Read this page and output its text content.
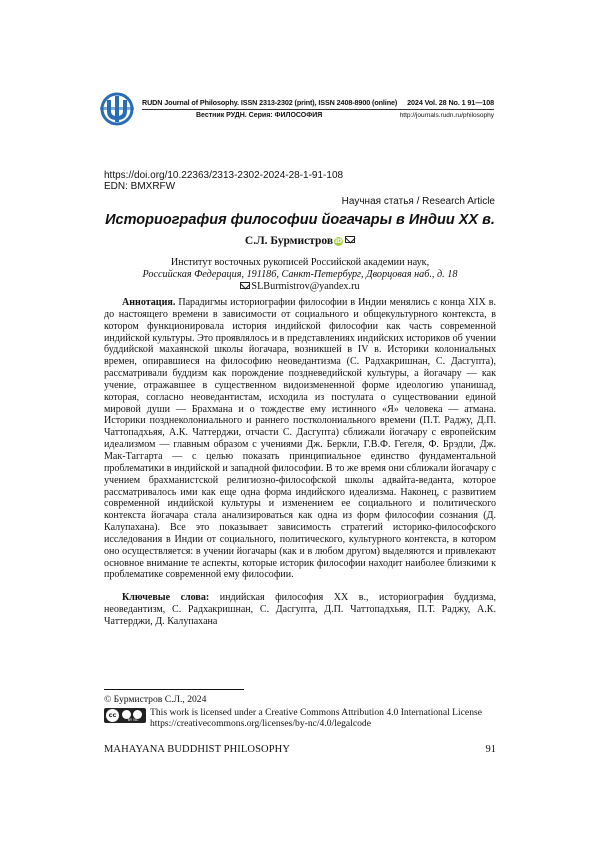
RUDN Journal of Philosophy. ISSN 2313-2302 (print), ISSN 2408-8900 (online) 2024 Vol. 28 No. 1 91—108
Вестник РУДН. Серия: ФИЛОСОФИЯ	http://journals.rudn.ru/philosophy
https://doi.org/10.22363/2313-2302-2024-28-1-91-108
EDN: BMXRFW
Научная статья / Research Article
Историография философии йогачары в Индии XX в.
С.Л. Бурмистров iD
Институт восточных рукописей Российской академии наук,
Российская Федерация, 191186, Санкт-Петербург, Дворцовая наб., д. 18
SLBurmistrov@yandex.ru

Аннотация. Парадигмы историографии философии в Индии менялись с конца XIX в. до настоящего времени в зависимости от социального и общекультурного контекста, в котором функционировала история индийской философии как часть современной индийской культуры. Это проявлялось и в представлениях индийских историков об учении буддийской махаянской школы йогачара, возникшей в IV в. Историки колониальных времен, опиравшиеся на философию неоведантизма (С. Радхакришнан, С. Дасгупта), рассматривали буддизм как порождение поздневедийской культуры, а йогачару — как учение, отражавшее в существенном видоизмененной форме идеологию упанишад, которая, согласно неоведантистам, исходила из постулата о существовании единой мировой души — Брахмана и о тождестве ему истинного «Я» человека — атмана. Историки позднеколониального и раннего постколониального времени (П.Т. Раджу, Д.П. Чаттопадхьяя, А.К. Чаттерджи, отчасти С. Дасгупта) сближали йогачару с европейским идеализмом — главным образом с учениями Дж. Беркли, Г.В.Ф. Гегеля, Ф. Брэдли, Дж. Мак-Таггарта — с целью показать принципиальное единство фундаментальной проблематики в индийской и западной философии. В то же время они сближали йогачару с учением брахманистской религиозно-философской школы адвайта-веданта, которое рассматривалось ими как еще одна форма индийского идеализма. Наконец, с развитием современной индийской культуры и изменением ее социального и политического контекста йогачара стала анализироваться как одна из форм философии сознания (Д. Калупахана). Все это показывает зависимость стратегий историко-философского исследования в Индии от социального, политического, культурного контекста, в котором оно осуществляется: в учении йогачары (как и в любом другом) выделяются и привлекают основное внимание те аспекты, которые историк философии находит наиболее близкими к проблематике современной ему философии.

Ключевые слова: индийская философия XX в., историография буддизма, неоведантизм, С. Радхакришнан, С. Дасгупта, Д.П. Чаттопадхьяя, П.Т. Раджу, А.К. Чаттерджи, Д. Калупахана

© Бурмистров С.Л., 2024
cc
BY NC
This work is licensed under a Creative Commons Attribution 4.0 International License
https://creativecommons.org/licenses/by-nc/4.0/legalcode
MAHAYANA BUDDHIST PHILOSOPHY	91
